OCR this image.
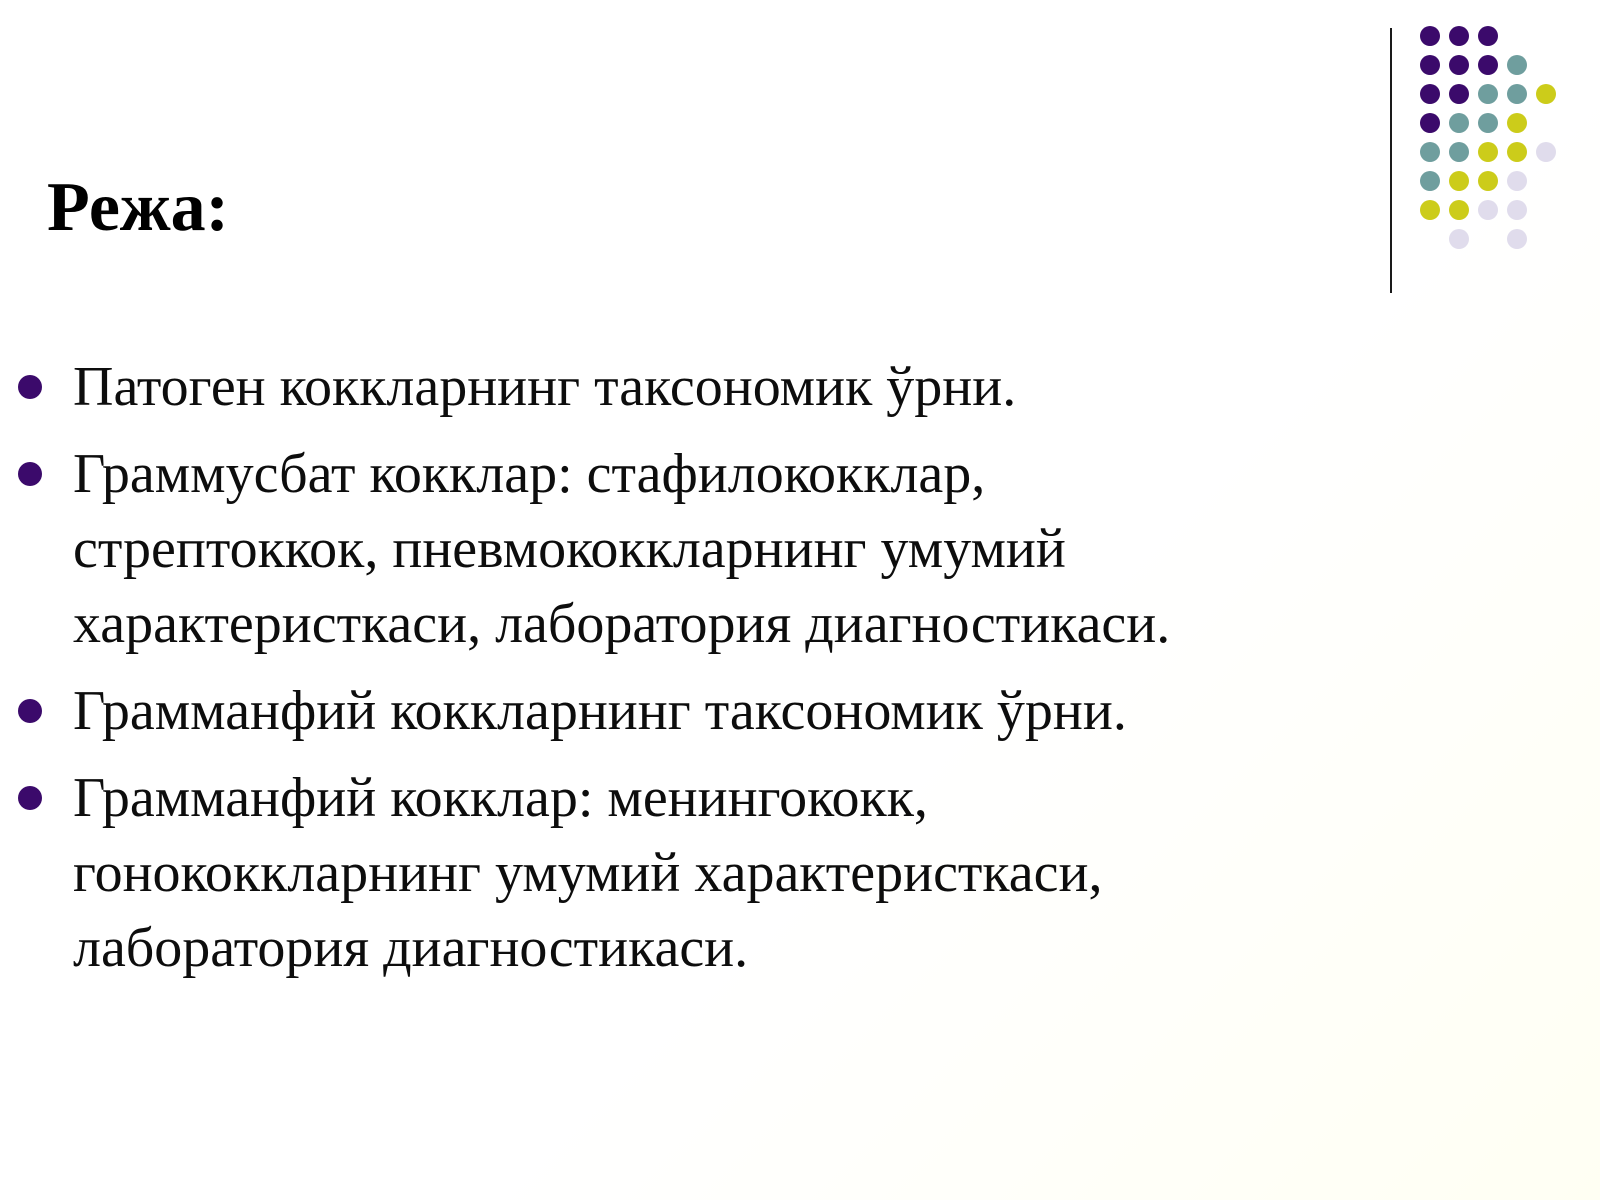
Режа:
Патоген коккларнинг таксономик ўрни.
Граммусбат кокклар: стафилококклар,
стрептоккок, пневмококкларнинг умумий
характеристкаси, лаборатория диагностикаси.
Грамманфий коккларнинг таксономик ўрни.
Грамманфий кокклар: менингококк,
гонококкларнинг умумий характеристкаси,
лаборатория диагностикаси.
